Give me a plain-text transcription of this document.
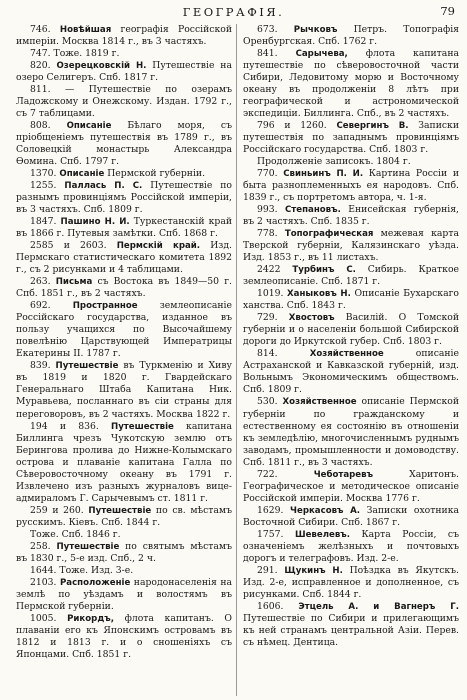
ГЕОГРАФІЯ.	79

746. Новѣйшая географія Россійской имперіи. Москва 1814 г., въ 3 частяхъ.

747. Тоже. 1819 г.

820. Озерецковскій Н. Путешествіе на озеро Селигеръ. Спб. 1817 г.

811. — Путешествіе по озерамъ Ладожскому и Онежскому. Издан. 1792 г., съ 7 таблицами.

808. Описаніе Бѣлаго моря, съ пріобщеніемъ путешествія въ 1789 г., въ Соловецкій монастырь Александра Ѳомина. Спб. 1797 г.

1370. Описаніе Пермской губерніи.

1255. Паллась П. С. Путешествіе по разнымъ провинціямъ Россійской имперіи, въ 3 частяхъ. Спб. 1809 г.

1847. Пашино Н. И. Туркестанскій край въ 1866 г. Путевыя замѣтки. Спб. 1868 г.

2585 и 2603. Пермскій край. Изд. Пермскаго статистическаго комитета 1892 г., съ 2 рисунками и 4 таблицами.

263. Письма съ Востока въ 1849—50 г. Спб. 1851 г., въ 2 частяхъ.

692. Пространное землеописаніе Россійскаго государства, изданное въ пользу учащихся по Высочайшему повелѣнію Царствующей Императрицы Екатерины II. 1787 г.

839. Путешествіе въ Туркменію и Хиву въ 1819 и 1820 г. Гвардейскаго Генеральнаго Штаба Капитана Ник. Муравьева, посланнаго въ сіи страны для переговоровъ, въ 2 частяхъ. Москва 1822 г.

194 и 836. Путешествіе капитана Биллинга чрезъ Чукотскую землю отъ Берингова пролива до Нижне-Колымскаго острова и плаваніе капитана Галла по Сѣверовосточному океану въ 1791 г. Извлечено изъ разныхъ журналовъ вице-адмираломъ Г. Сарычевымъ ст. 1811 г.

259 и 260. Путешествіе по св. мѣстамъ русскимъ. Кіевъ. Спб. 1844 г.

Тоже. Спб. 1846 г.

258. Путешествіе по святымъ мѣстамъ въ 1830 г., 5-е изд. Спб., 2 ч.

1644. Тоже. Изд. 3-е.

2103. Расположеніе народонаселенія на землѣ по уѣздамъ и волостямъ въ Пермской губерніи.

1005. Рикордъ, флота капитанъ. О плаваніи его къ Японскимъ островамъ въ 1812 и 1813 г. и о сношеніяхъ съ Японцами. Спб. 1851 г.

673. Рычковъ Петръ. Топографія Оренбургская. Спб. 1762 г.

841. Сарычева, флота капитана путешествіе по сѣверовосточной части Сибири, Ледовитому морю и Восточному океану въ продолженіи 8 лѣтъ при географической и астрономической экспедиціи. Биллинга. Спб., въ 2 частяхъ.

796 и 1260. Севергинъ В. Записки путешествія по западнымъ провинціямъ Россійскаго государства. Спб. 1803 г.

Продолженіе записокъ. 1804 г.

770. Свиньинъ П. И. Картина Россіи и быта разноплеменныхъ ея народовъ. Спб. 1839 г., съ портретомъ автора, ч. 1-я.

993. Степановъ. Енисейская губернія, въ 2 частяхъ. Спб. 1835 г.

778. Топографическая межевая карта Тверской губерніи, Калязинскаго уѣзда. Изд. 1853 г., въ 11 листахъ.

2422 Турбинъ С. Сибирь. Краткое землеописаніе. Спб. 1871 г.

1019. Ханыковъ Н. Описаніе Бухарскаго ханства. Спб. 1843 г.

729. Хвостовъ Василій. О Томской губерніи и о населеніи большой Сибирской дороги до Иркутской губер. Спб. 1803 г.

814. Хозяйственное описаніе Астраханской и Кавказской губерній, изд. Вольнымъ Экономическимъ обществомъ. Спб. 1809 г.

530. Хозяйственное описаніе Пермской губерніи по гражданскому и естественному ея состоянію въ отношеніи къ земледѣлію, многочисленнымъ руднымъ заводамъ, промышленности и домоводству. Спб. 1811 г., въ 3 частяхъ.

722. Чеботаревъ Харитонъ. Географическое и методическое описаніе Россійской имперіи. Москва 1776 г.

1629. Черкасовъ А. Записки охотника Восточной Сибири. Спб. 1867 г.

1757. Шевелевъ. Карта Россіи, съ означеніемъ желѣзныхъ и почтовыхъ дорогъ и телеграфовъ. Изд. 2-е.

291. Щукинъ Н. Поѣздка въ Якутскъ. Изд. 2-е, исправленное и дополненное, съ рисунками. Спб. 1844 г.

1606. Этцель А. и Вагнеръ Г. Путешествіе по Сибири и прилегающимъ къ ней странамъ центральной Азіи. Перев. съ нѣмец. Дентица.
